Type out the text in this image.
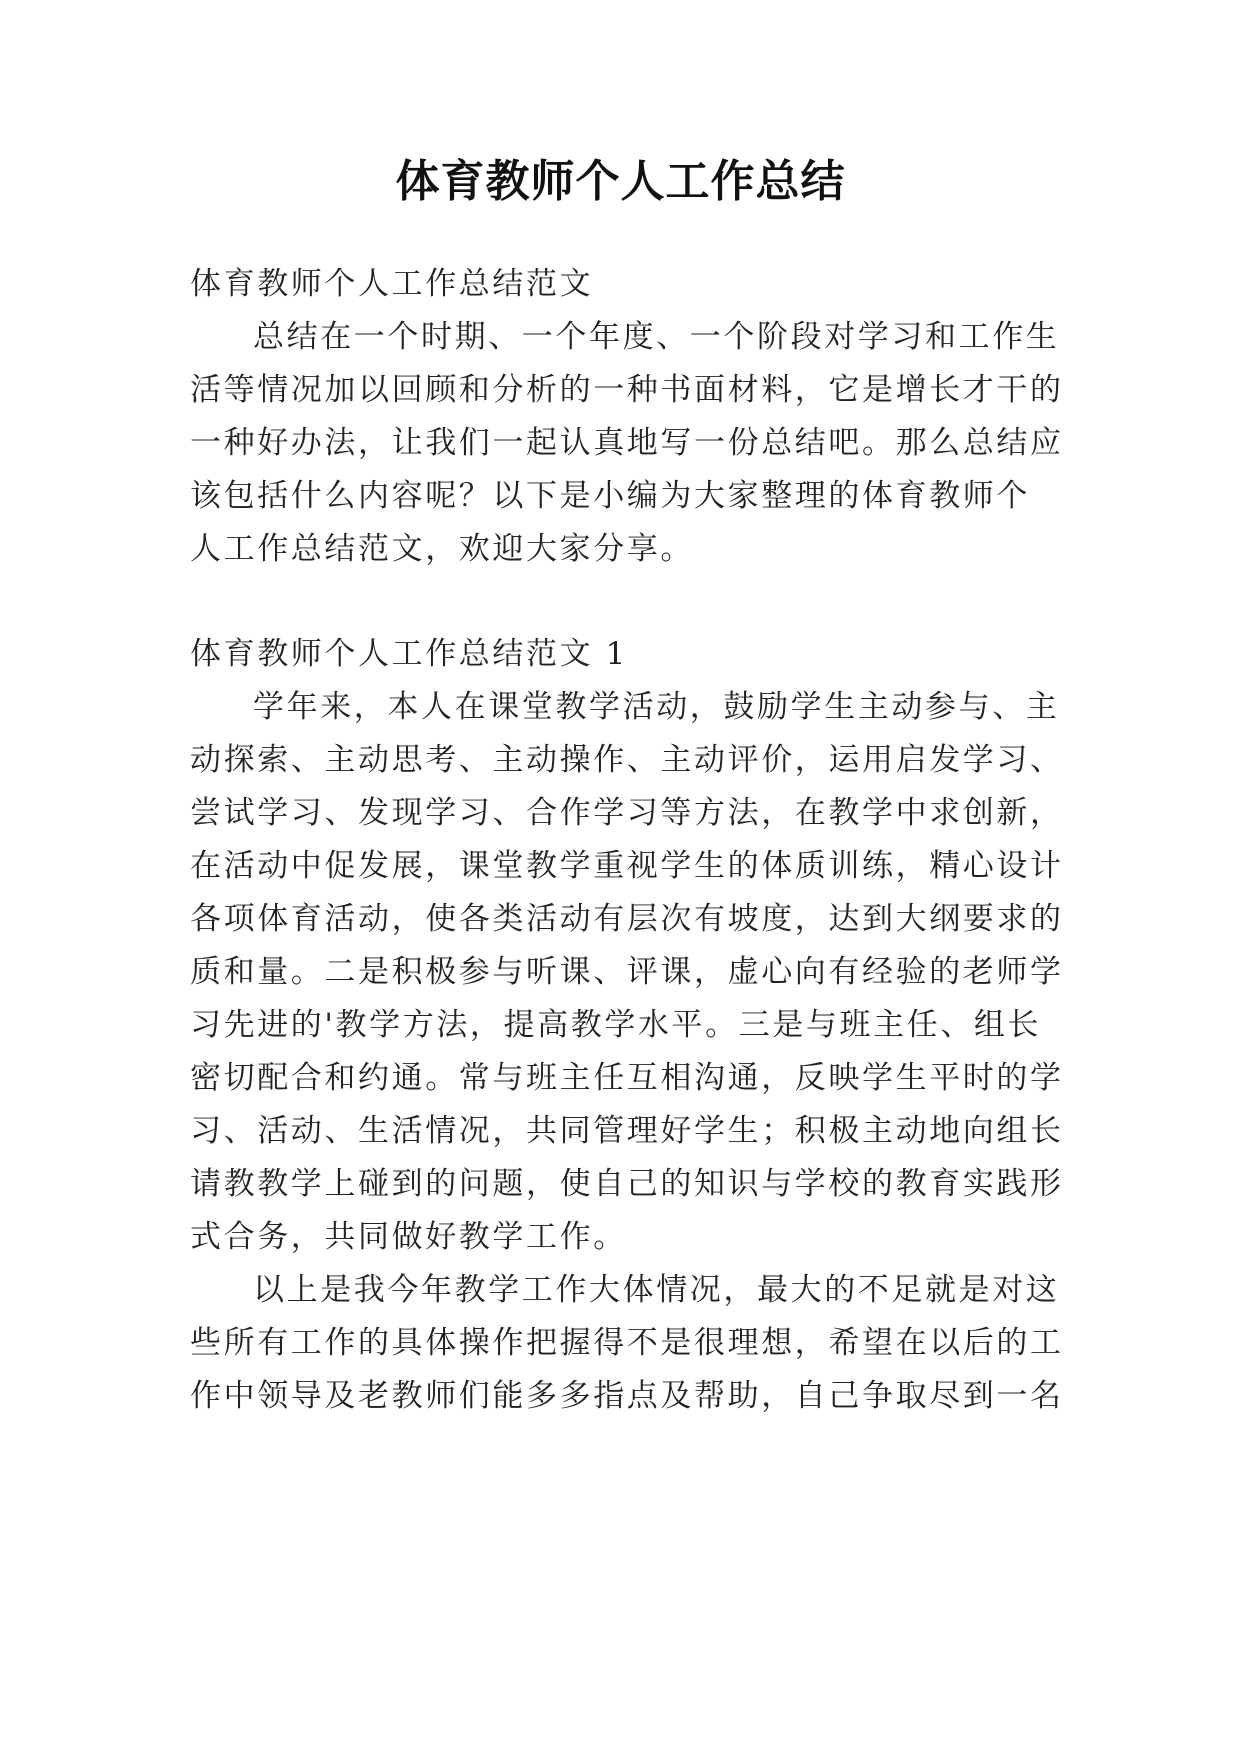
体育教师个人工作总结

体育教师个人工作总结范文

总结在一个时期、一个年度、一个阶段对学习和工作生

活等情况加以回顾和分析的一种书面材料，它是增长才干的

一种好办法，让我们一起认真地写一份总结吧。那么总结应

该包括什么内容呢？以下是小编为大家整理的体育教师个

人工作总结范文，欢迎大家分享。

体育教师个人工作总结范文 1

学年来，本人在课堂教学活动，鼓励学生主动参与、主

动探索、主动思考、主动操作、主动评价，运用启发学习、

尝试学习、发现学习、合作学习等方法，在教学中求创新，

在活动中促发展，课堂教学重视学生的体质训练，精心设计

各项体育活动，使各类活动有层次有坡度，达到大纲要求的

质和量。二是积极参与听课、评课，虚心向有经验的老师学

习先进的'教学方法，提高教学水平。三是与班主任、组长

密切配合和约通。常与班主任互相沟通，反映学生平时的学

习、活动、生活情况，共同管理好学生；积极主动地向组长

请教教学上碰到的问题，使自己的知识与学校的教育实践形

式合务，共同做好教学工作。

以上是我今年教学工作大体情况，最大的不足就是对这

些所有工作的具体操作把握得不是很理想，希望在以后的工

作中领导及老教师们能多多指点及帮助，自己争取尽到一名
